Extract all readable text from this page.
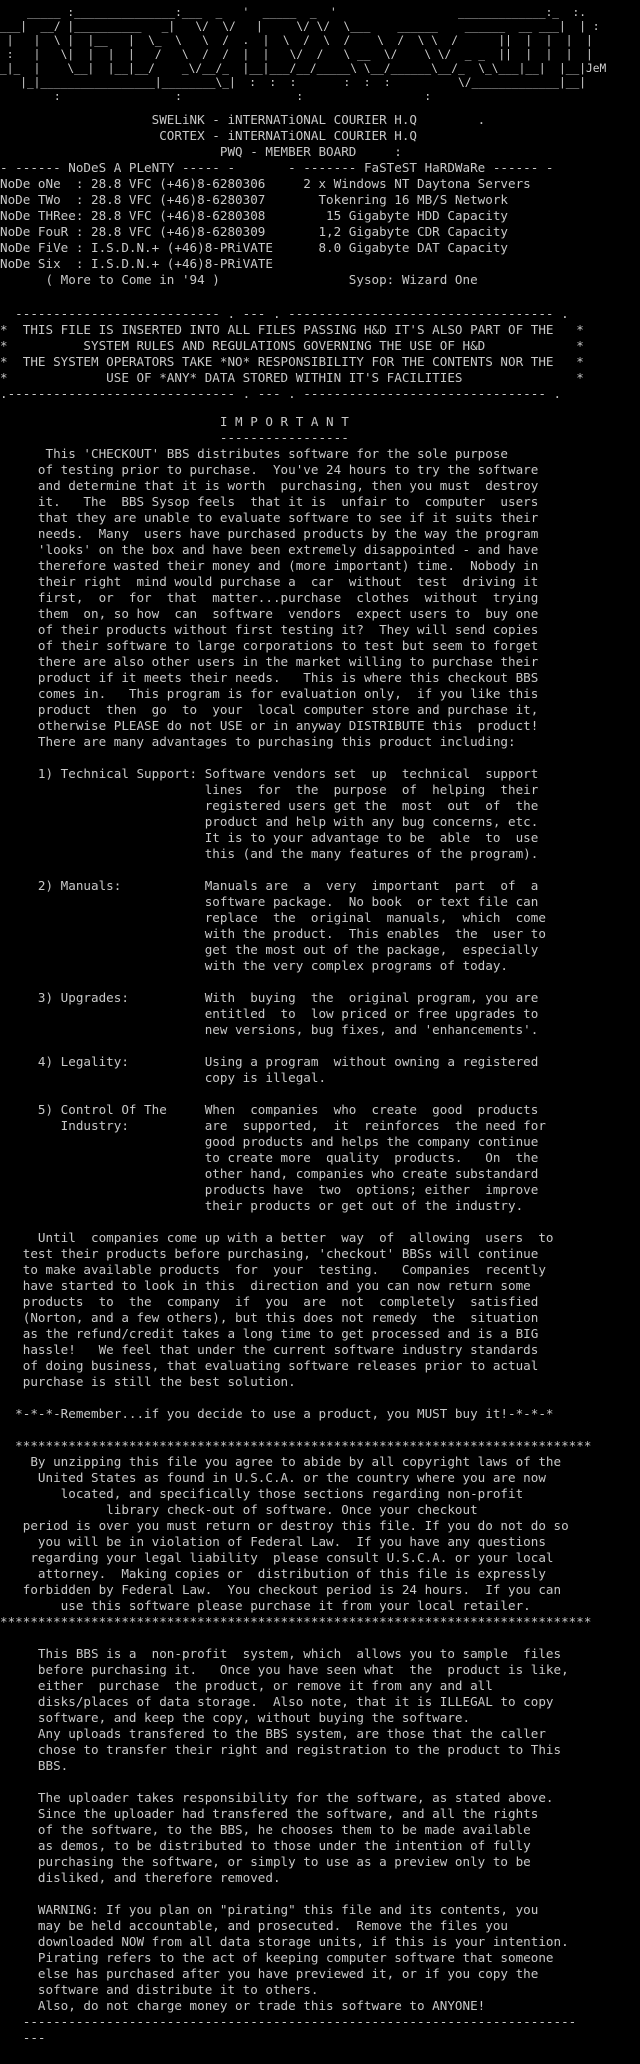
_____ :_______________:___  _   '  _____  _  '                  _____________:_  :.
___|  __/ |__________   _|   \/  \/   |     \/ \/  \___    ______    ______  __ ___|  | :
|   |  \ |  |__   |  \_  \   \  /  .  |  \  /  \  /    \  /  \ \  /      ||  |  |  |  |
:   |   \|  |  |  |   /   \  /  /  |  |   \/  /   \ __  \/    \ \/  _ _  ||  |  |  |  |
_|_  |    \__|  |__|__/    _\/__/_  |__|___/__/_____\ \__/______\__/_  \_\___|__|  |__|JeM
|_|_________________|________\_|  :  :  :       :  :  :          \/_____________|__|
:                 :                 :                  :
SWELiNK - iNTERNATiONAL COURIER H.Q        .
CORTEX - iNTERNATiONAL COURIER H.Q
PWQ - MEMBER BOARD     :
- ------ NoDeS A PLeNTY ----- -       - ------- FaSTeST HaRDWaRe ------ -
NoDe oNe  : 28.8 VFC (+46)8-6280306     2 x Windows NT Daytona Servers
NoDe TWo  : 28.8 VFC (+46)8-6280307       Tokenring 16 MB/S Network
NoDe THRee: 28.8 VFC (+46)8-6280308        15 Gigabyte HDD Capacity
NoDe FouR : 28.8 VFC (+46)8-6280309       1,2 Gigabyte CDR Capacity
NoDe FiVe : I.S.D.N.+ (+46)8-PRiVATE      8.0 Gigabyte DAT Capacity
NoDe Six  : I.S.D.N.+ (+46)8-PRiVATE
( More to Come in '94 )                 Sysop: Wizard One
--------------------------- . --- . ----------------------------------- .
*  THIS FILE IS INSERTED INTO ALL FILES PASSING H&D IT'S ALSO PART OF THE   *
*          SYSTEM RULES AND REGULATIONS GOVERNING THE USE OF H&D            *
*  THE SYSTEM OPERATORS TAKE *NO* RESPONSIBILITY FOR THE CONTENTS NOR THE   *
*             USE OF *ANY* DATA STORED WITHIN IT'S FACILITIES               *
.------------------------------ . --- . -------------------------------- .
I M P O R T A N T
-----------------
This 'CHECKOUT' BBS distributes software for the sole purpose
of testing prior to purchase.  You've 24 hours to try the software
and determine that it is worth  purchasing, then you must  destroy
it.   The  BBS Sysop feels  that it is  unfair to  computer  users
that they are unable to evaluate software to see if it suits their
needs.  Many  users have purchased products by the way the program
'looks' on the box and have been extremely disappointed - and have
therefore wasted their money and (more important) time.  Nobody in
their right  mind would purchase a  car  without  test  driving it
first,  or  for  that  matter...purchase  clothes  without  trying
them  on, so how  can  software  vendors  expect users to  buy one
of their products without first testing it?  They will send copies
of their software to large corporations to test but seem to forget
there are also other users in the market willing to purchase their
product if it meets their needs.   This is where this checkout BBS
comes in.   This program is for evaluation only,  if you like this
product  then  go  to  your  local computer store and purchase it,
otherwise PLEASE do not USE or in anyway DISTRIBUTE this  product!
There are many advantages to purchasing this product including:
1) Technical Support: Software vendors set  up  technical  support
lines  for  the  purpose  of  helping  their
registered users get the  most  out  of  the
product and help with any bug concerns, etc.
It is to your advantage to be  able  to  use
this (and the many features of the program).

2) Manuals:           Manuals are  a  very  important  part  of  a
software package.  No book  or text file can
replace  the  original  manuals,  which  come
with the product.  This enables  the  user to
get the most out of the package,  especially
with the very complex programs of today.

3) Upgrades:          With  buying  the  original program, you are
entitled  to  low priced or free upgrades to
new versions, bug fixes, and 'enhancements'.

4) Legality:          Using a program  without owning a registered
copy is illegal.

5) Control Of The     When  companies  who  create  good  products
Industry:          are  supported,  it  reinforces  the need for
good products and helps the company continue
to create more  quality  products.   On  the
other hand, companies who create substandard
products have  two  options; either  improve
their products or get out of the industry.
Until  companies come up with a better  way  of  allowing  users  to
test their products before purchasing, 'checkout' BBSs will continue
to make available products  for  your  testing.   Companies  recently
have started to look in this  direction and you can now return some
products  to  the  company  if  you  are  not  completely  satisfied
(Norton, and a few others), but this does not remedy  the  situation
as the refund/credit takes a long time to get processed and is a BIG
hassle!   We feel that under the current software industry standards
of doing business, that evaluating software releases prior to actual
purchase is still the best solution.
*-*-*-Remember...if you decide to use a product, you MUST buy it!-*-*-*
****************************************************************************
By unzipping this file you agree to abide by all copyright laws of the
United States as found in U.S.C.A. or the country where you are now
located, and specifically those sections regarding non-profit
library check-out of software. Once your checkout
period is over you must return or destroy this file. If you do not do so
you will be in violation of Federal Law.  If you have any questions
regarding your legal liability  please consult U.S.C.A. or your local
attorney.  Making copies or  distribution of this file is expressly
forbidden by Federal Law.  You checkout period is 24 hours.  If you can
use this software please purchase it from your local retailer.
******************************************************************************
This BBS is a  non-profit  system, which  allows you to sample  files
before purchasing it.   Once you have seen what  the  product is like,
either  purchase  the product, or remove it from any and all
disks/places of data storage.  Also note, that it is ILLEGAL to copy
software, and keep the copy, without buying the software.
Any uploads transfered to the BBS system, are those that the caller
chose to transfer their right and registration to the product to This
BBS.

The uploader takes responsibility for the software, as stated above.
Since the uploader had transfered the software, and all the rights
of the software, to the BBS, he chooses them to be made available
as demos, to be distributed to those under the intention of fully
purchasing the software, or simply to use as a preview only to be
disliked, and therefore removed.

WARNING: If you plan on "pirating" this file and its contents, you
may be held accountable, and prosecuted.  Remove the files you
downloaded NOW from all data storage units, if this is your intention.
Pirating refers to the act of keeping computer software that someone
else has purchased after you have previewed it, or if you copy the
software and distribute it to others.
Also, do not charge money or trade this software to ANYONE!
-------------------------------------------------------------------------
---
